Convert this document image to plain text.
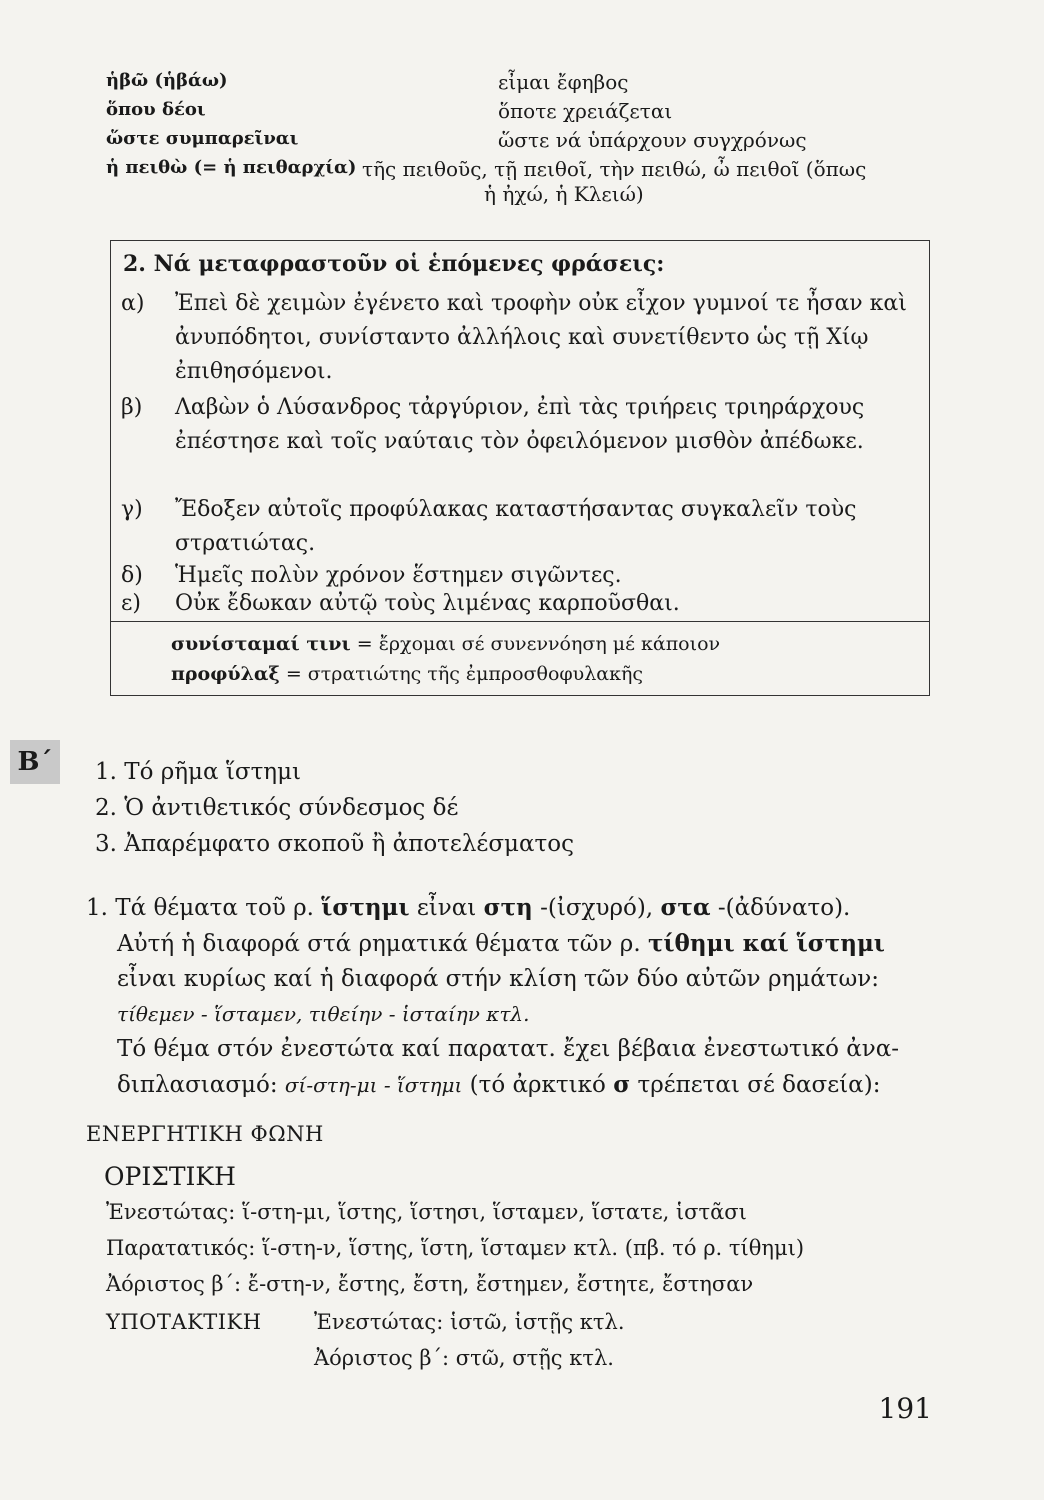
ἡβῶ (ἡβάω)	εἶμαι ἔφηβος
ὅπου δέοι	ὅποτε χρειάζεται
ὥστε συμπαρεῖναι	ὥστε νά ὑπάρχουν συγχρόνως
ἡ πειθὼ (= ἡ πειθαρχία) τῆς πειθοῦς, τῇ πειθοῖ, τὴν πειθώ, ὦ πειθοῖ (ὅπως
ἡ ἠχώ, ἡ Κλειώ)
2. Νά μεταφραστοῦν οἱ ἑπόμενες φράσεις:
α)	Ἐπεὶ δὲ χειμὼν ἐγένετο καὶ τροφὴν οὐκ εἶχον γυμνοί τε ἦσαν καὶ ἀνυπόδητοι, συνίσταντο ἀλλήλοις καὶ συνετίθεντο ὡς τῇ Χίῳ ἐπιθησόμενοι.
β)	Λαβὼν ὁ Λύσανδρος τἀργύριον, ἐπὶ τὰς τριήρεις τριηράρχους ἐπέστησε καὶ τοῖς ναύταις τὸν ὀφειλόμενον μισθὸν ἀπέδωκε.
γ)	Ἔδοξεν αὐτοῖς προφύλακας καταστήσαντας συγκαλεῖν τοὺς στρατιώτας.
δ)	Ἡμεῖς πολὺν χρόνον ἕστημεν σιγῶντες.
ε)	Οὐκ ἔδωκαν αὐτῷ τοὺς λιμένας καρποῦσθαι.
συνίσταμαί τινι = ἔρχομαι σέ συνεννόηση μέ κάποιον
προφύλαξ = στρατιώτης τῆς ἐμπροσθοφυλακῆς
Β΄	1. Τό ρῆμα ἵστημι
2. Ὁ ἀντιθετικός σύνδεσμος δέ
3. Ἀπαρέμφατο σκοποῦ ἢ ἀποτελέσματος
1. Τά θέματα τοῦ ρ. ἵστημι εἶναι στη -(ἰσχυρό), στα -(ἀδύνατο).
Αὐτή ἡ διαφορά στά ρηματικά θέματα τῶν ρ. τίθημι καί ἵστημι
εἶναι κυρίως καί ἡ διαφορά στήν κλίση τῶν δύο αὐτῶν ρημάτων:
τίθεμεν - ἵσταμεν, τιθείην - ἱσταίην κτλ.
Τό θέμα στόν ἐνεστώτα καί παρατατ. ἔχει βέβαια ἐνεστωτικό ἀνα-
διπλασιασμό: σί-στη-μι - ἵστημι (τό ἀρκτικό σ τρέπεται σέ δασεία):
ΕΝΕΡΓΗΤΙΚΗ ΦΩΝΗ
ΟΡΙΣΤΙΚΗ
Ἐνεστώτας: ἵ-στη-μι, ἵστης, ἵστησι, ἵσταμεν, ἵστατε, ἱστᾶσι
Παρατατικός: ἵ-στη-ν, ἵστης, ἵστη, ἵσταμεν κτλ. (πβ. τό ρ. τίθημι)
Ἀόριστος β΄: ἔ-στη-ν, ἔστης, ἔστη, ἔστημεν, ἔστητε, ἔστησαν
ΥΠΟΤΑΚΤΙΚΗ Ἐνεστώτας: ἱστῶ, ἱστῇς κτλ.
Ἀόριστος β΄: στῶ, στῇς κτλ.
191
